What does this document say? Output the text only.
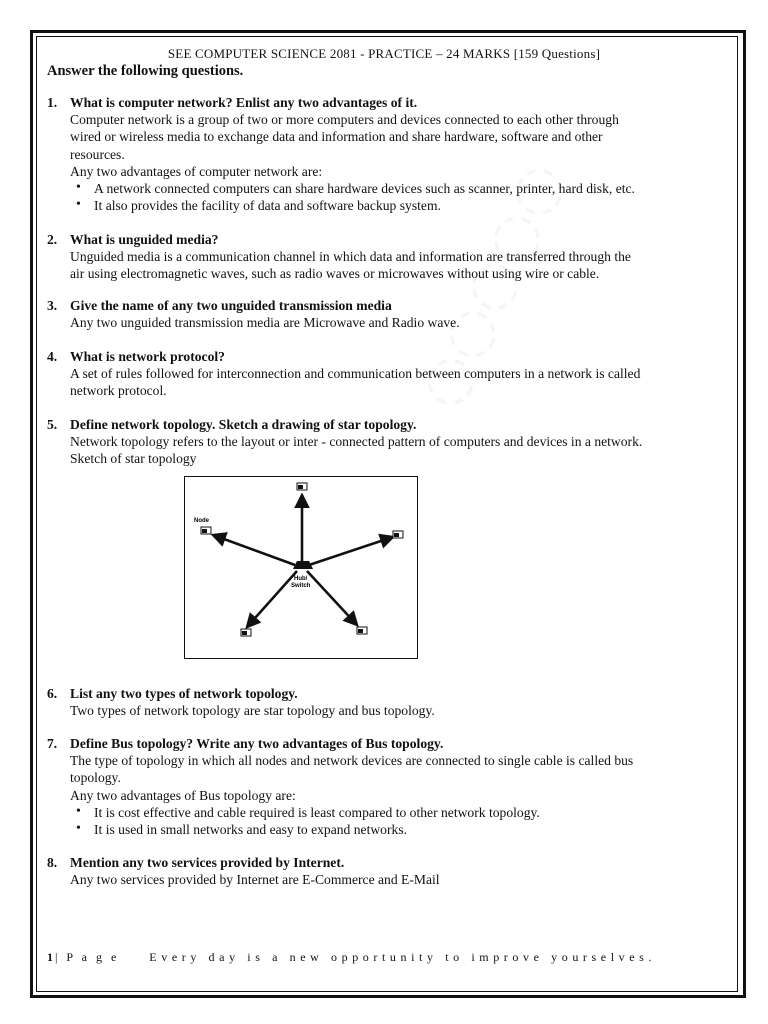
SEE COMPUTER SCIENCE 2081 - PRACTICE – 24 MARKS [159 Questions]
Answer the following questions.
1. What is computer network? Enlist any two advantages of it.

Computer network is a group of two or more computers and devices connected to each other through

wired or wireless media to exchange data and information and share hardware, software and other

resources.

Any two advantages of computer network are:

• A network connected computers can share hardware devices such as scanner, printer, hard disk, etc.
• It also provides the facility of data and software backup system.
2. What is unguided media?

Unguided media is a communication channel in which data and information are transferred through the

air using electromagnetic waves, such as radio waves or microwaves without using wire or cable.

3. Give the name of any two unguided transmission media

Any two unguided transmission media are Microwave and Radio wave.

4. What is network protocol?

A set of rules followed for interconnection and communication between computers in a network is called

network protocol.

5. Define network topology. Sketch a drawing of star topology.

Network topology refers to the layout or inter - connected pattern of computers and devices in a network.

Sketch of star topology

6. List any two types of network topology.

Two types of network topology are star topology and bus topology.

7. Define Bus topology? Write any two advantages of Bus topology.

The type of topology in which all nodes and network devices are connected to single cable is called bus

topology.

Any two advantages of Bus topology are:

• It is cost effective and cable required is least compared to other network topology.
• It is used in small networks and easy to expand networks.
8. Mention any two services provided by Internet.

Any two services provided by Internet are E-Commerce and E-Mail

Node
Hub/
Switch
1 | P a g e	Every day is a new opportunity to improve yourselves.
